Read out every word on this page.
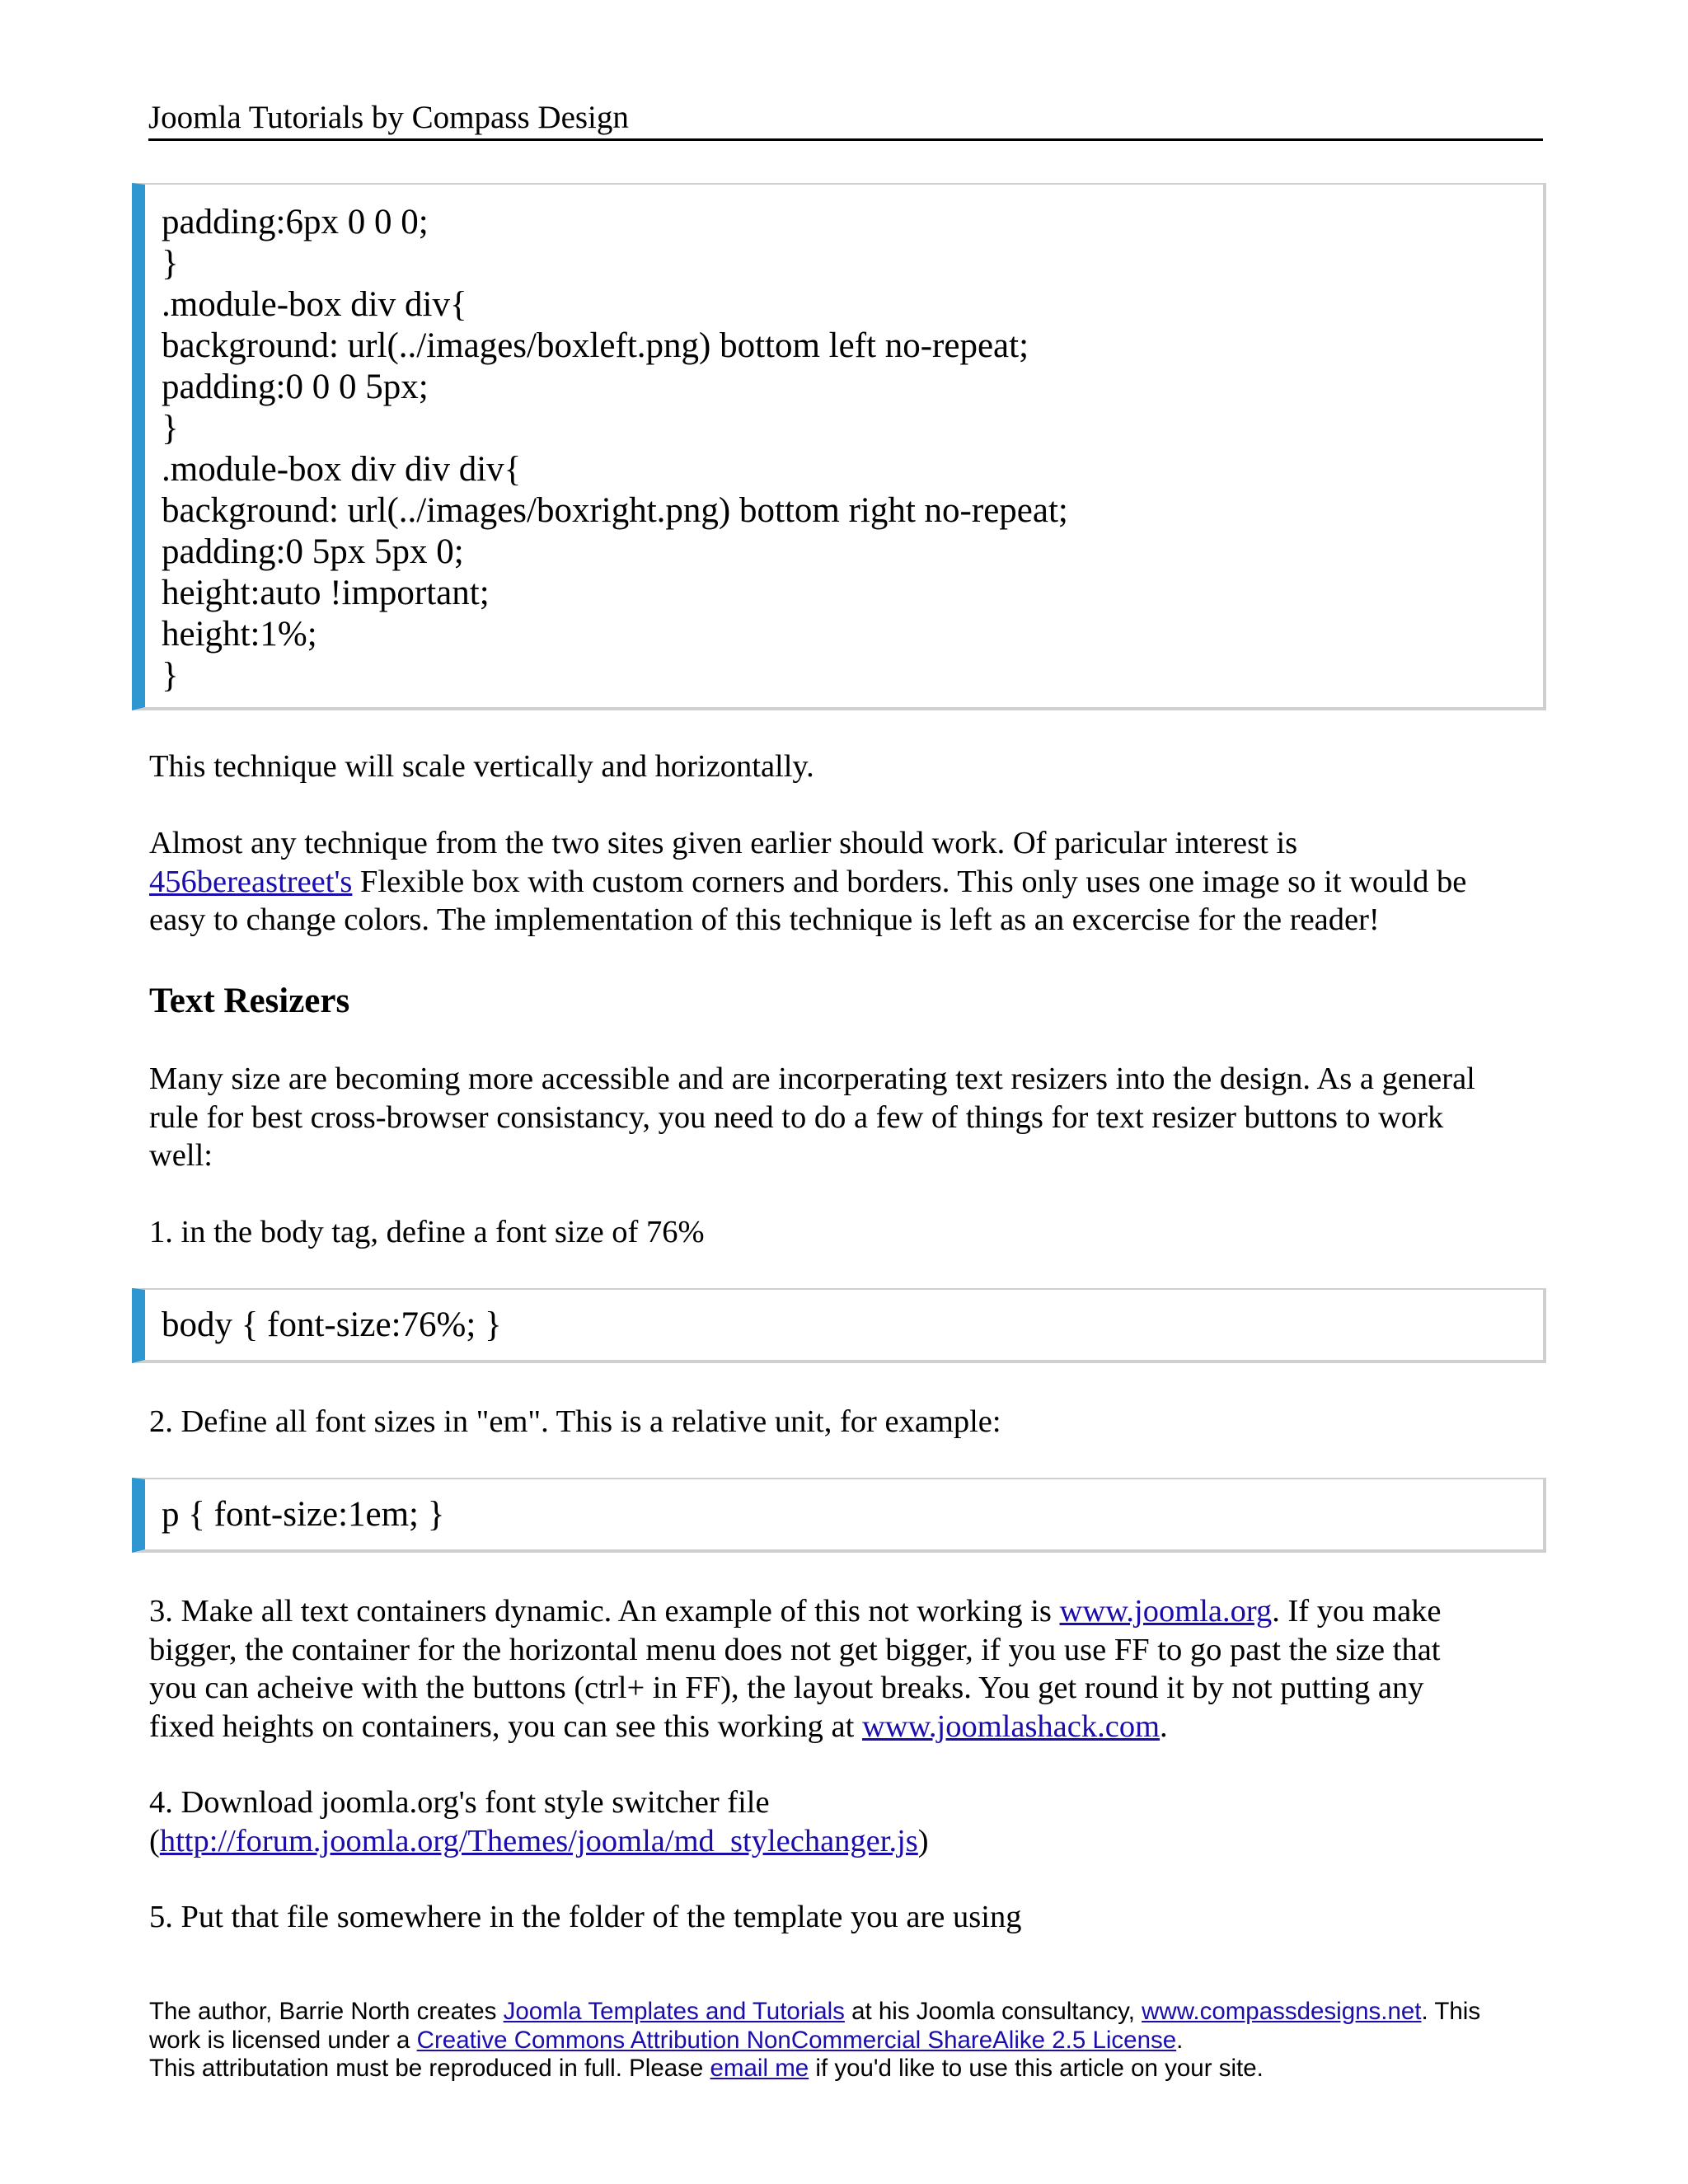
Joomla Tutorials by Compass Design
padding:6px 0 0 0;
}
.module-box div div{
background: url(../images/boxleft.png) bottom left no-repeat;
padding:0 0 0 5px;
}
.module-box div div div{
background: url(../images/boxright.png) bottom right no-repeat;
padding:0 5px 5px 0;
height:auto !important;
height:1%;
}

This technique will scale vertically and horizontally.

Almost any technique from the two sites given earlier should work. Of paricular interest is
456bereastreet's Flexible box with custom corners and borders. This only uses one image so it would be
easy to change colors. The implementation of this technique is left as an excercise for the reader!

Text Resizers

Many size are becoming more accessible and are incorperating text resizers into the design. As a general
rule for best cross-browser consistancy, you need to do a few of things for text resizer buttons to work
well:

1. in the body tag, define a font size of 76%

body { font-size:76%; }

2. Define all font sizes in "em". This is a relative unit, for example:

p { font-size:1em; }

3. Make all text containers dynamic. An example of this not working is www.joomla.org. If you make
bigger, the container for the horizontal menu does not get bigger, if you use FF to go past the size that
you can acheive with the buttons (ctrl+ in FF), the layout breaks. You get round it by not putting any
fixed heights on containers, you can see this working at www.joomlashack.com.

4. Download joomla.org's font style switcher file
(http://forum.joomla.org/Themes/joomla/md_stylechanger.js)

5. Put that file somewhere in the folder of the template you are using

The author, Barrie North creates Joomla Templates and Tutorials at his Joomla consultancy, www.compassdesigns.net. This
work is licensed under a Creative Commons Attribution NonCommercial ShareAlike 2.5 License.
This attributation must be reproduced in full. Please email me if you'd like to use this article on your site.
